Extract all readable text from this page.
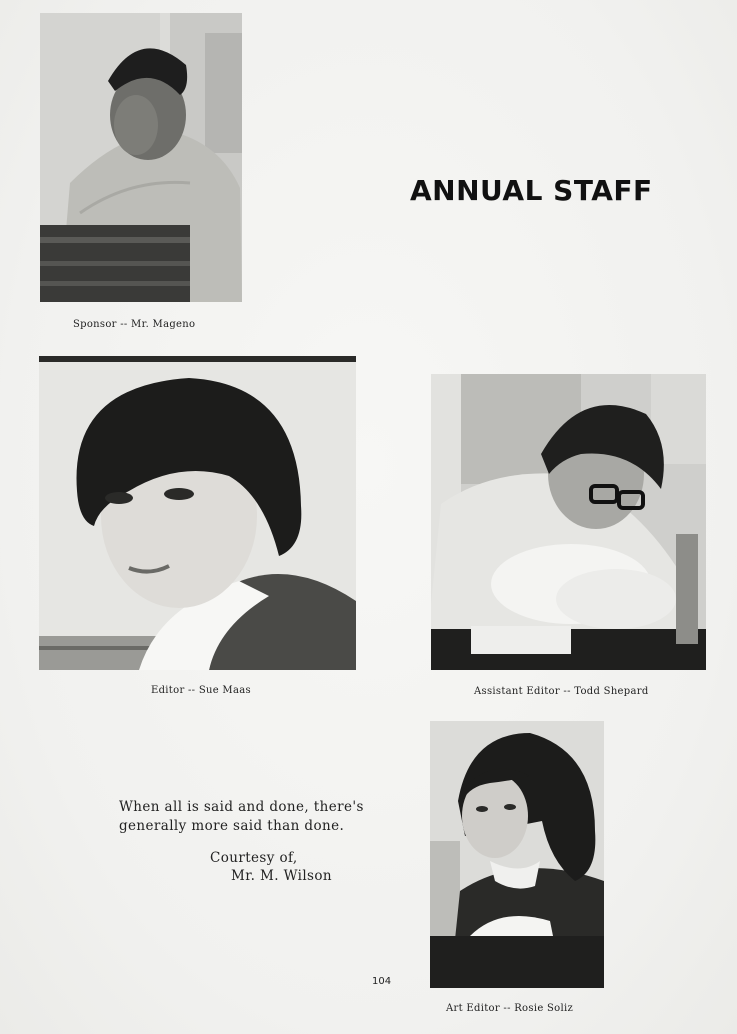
Sponsor -- Mr. Mageno
ANNUAL STAFF
Editor -- Sue Maas	Assistant Editor -- Todd Shepard
When all is said and done, there's
generally more said than done.
Courtesy of,
Mr. M. Wilson
Art Editor -- Rosie Soliz
104
